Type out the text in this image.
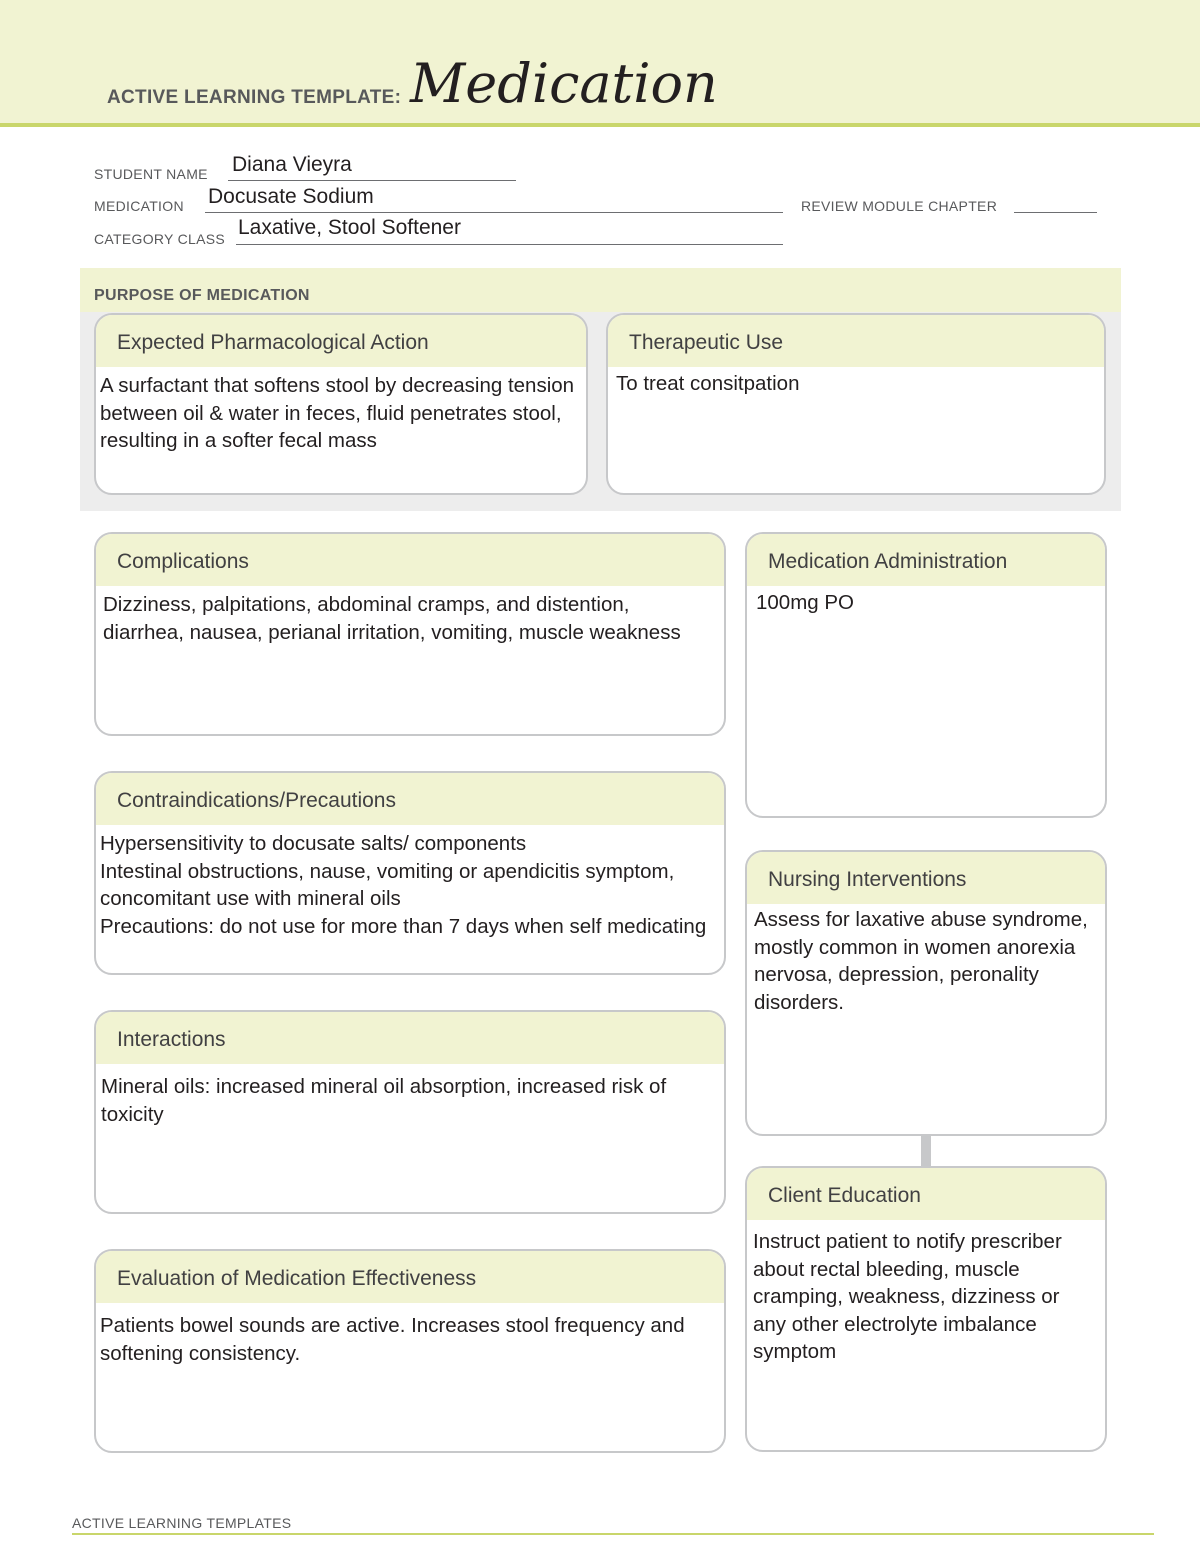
ACTIVE LEARNING TEMPLATE: Medication
STUDENT NAME Diana Vieyra
MEDICATION Docusate Sodium	REVIEW MODULE CHAPTER
CATEGORY CLASS Laxative, Stool Softener
PURPOSE OF MEDICATION
Expected Pharmacological Action
A surfactant that softens stool by decreasing tension between oil & water in feces, fluid penetrates stool, resulting in a softer fecal mass
Therapeutic Use
To treat consitpation
Complications
Dizziness, palpitations, abdominal cramps, and distention, diarrhea, nausea, perianal irritation, vomiting, muscle weakness
Contraindications/Precautions

Hypersensitivity to docusate salts/ components

Intestinal obstructions, nause, vomiting or apendicitis symptom, concomitant use with mineral oils

Precautions: do not use for more than 7 days when self medicating

Interactions
Mineral oils: increased mineral oil absorption, increased risk of toxicity
Evaluation of Medication Effectiveness
Patients bowel sounds are active. Increases stool frequency and softening consistency.
Medication Administration
100mg PO
Nursing Interventions
Assess for laxative abuse syndrome, mostly common in women anorexia nervosa, depression, peronality disorders.
Client Education
Instruct patient to notify prescriber about rectal bleeding, muscle cramping, weakness, dizziness or any other electrolyte imbalance symptom
ACTIVE LEARNING TEMPLATES
